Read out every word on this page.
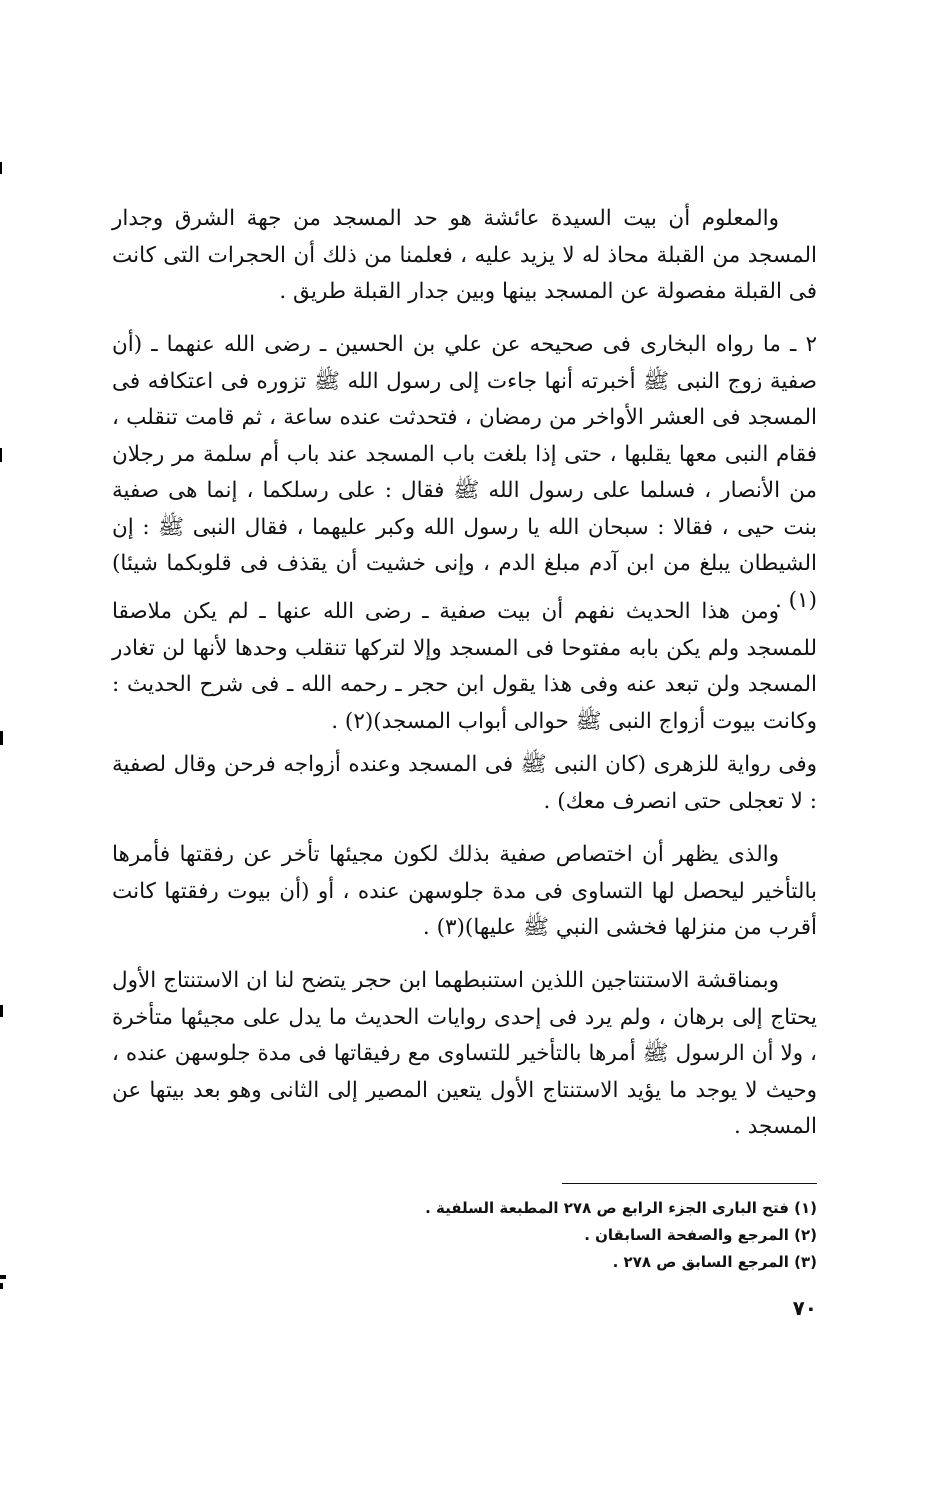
والمعلوم أن بيت السيدة عائشة هو حد المسجد من جهة الشرق وجدار المسجد من القبلة محاذ له لا يزيد عليه ، فعلمنا من ذلك أن الحجرات التى كانت فى القبلة مفصولة عن المسجد بينها وبين جدار القبلة طريق .

٢ ـ ما رواه البخارى فى صحيحه عن علي بن الحسين ـ رضى الله عنهما ـ (أن صفية زوج النبى ﷺ أخبرته أنها جاءت إلى رسول الله ﷺ تزوره فى اعتكافه فى المسجد فى العشر الأواخر من رمضان ، فتحدثت عنده ساعة ، ثم قامت تنقلب ، فقام النبى معها يقلبها ، حتى إذا بلغت باب المسجد عند باب أم سلمة مر رجلان من الأنصار ، فسلما على رسول الله ﷺ فقال : على رسلكما ، إنما هى صفية بنت حيى ، فقالا : سبحان الله يا رسول الله وكبر عليهما ، فقال النبى ﷺ : إن الشيطان يبلغ من ابن آدم مبلغ الدم ، وإنى خشيت أن يقذف فى قلوبكما شيئا)(١) .

ومن هذا الحديث نفهم أن بيت صفية ـ رضى الله عنها ـ لم يكن ملاصقا للمسجد ولم يكن بابه مفتوحا فى المسجد وإلا لتركها تنقلب وحدها لأنها لن تغادر المسجد ولن تبعد عنه وفى هذا يقول ابن حجر ـ رحمه الله ـ فى شرح الحديث : وكانت بيوت أزواج النبى ﷺ حوالى أبواب المسجد)(٢) .

وفى رواية للزهرى (كان النبى ﷺ فى المسجد وعنده أزواجه فرحن وقال لصفية : لا تعجلى حتى انصرف معك) .

والذى يظهر أن اختصاص صفية بذلك لكون مجيئها تأخر عن رفقتها فأمرها بالتأخير ليحصل لها التساوى فى مدة جلوسهن عنده ، أو (أن بيوت رفقتها كانت أقرب من منزلها فخشى النبي ﷺ عليها)(٣) .

وبمناقشة الاستنتاجين اللذين استنبطهما ابن حجر يتضح لنا ان الاستنتاج الأول يحتاج إلى برهان ، ولم يرد فى إحدى روايات الحديث ما يدل على مجيئها متأخرة ، ولا أن الرسول ﷺ أمرها بالتأخير للتساوى مع رفيقاتها فى مدة جلوسهن عنده ، وحيث لا يوجد ما يؤيد الاستنتاج الأول يتعين المصير إلى الثانى وهو بعد بيتها عن المسجد .

(١) فتح البارى الجزء الرابع ص ٢٧٨ المطبعة السلفية .

(٢) المرجع والصفحة السابقان .

(٣) المرجع السابق ص ٢٧٨ .

٧٠
